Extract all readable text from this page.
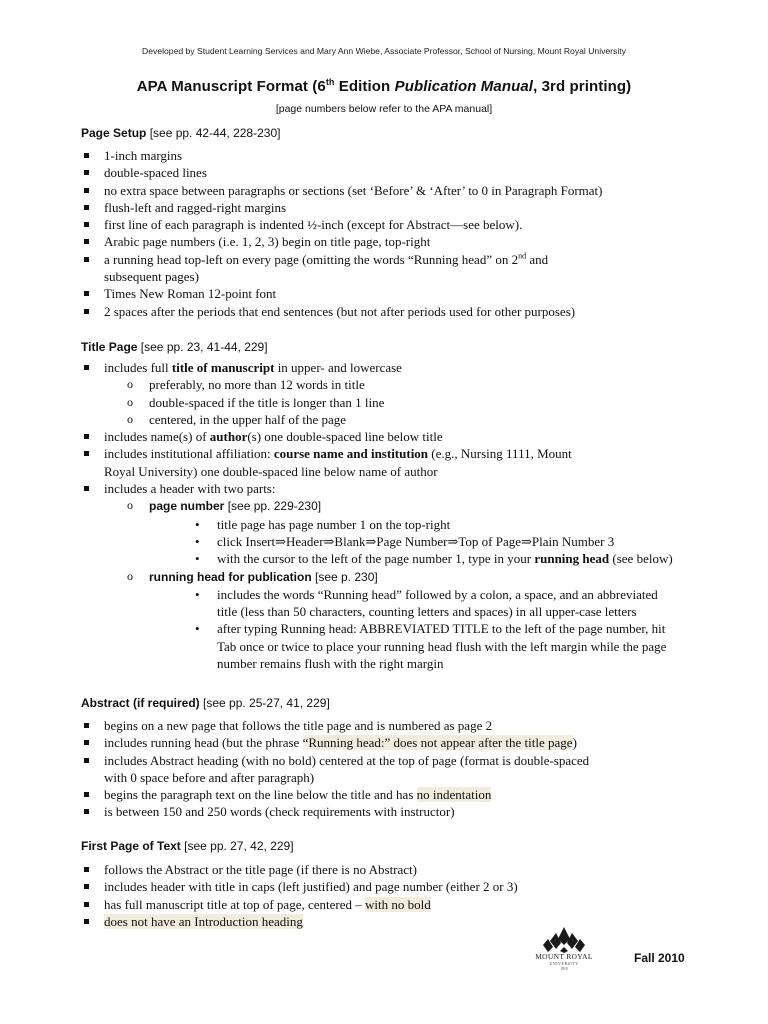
Developed by Student Learning Services and Mary Ann Wiebe, Associate Professor, School of Nursing, Mount Royal University
APA Manuscript Format (6th Edition Publication Manual, 3rd printing)
[page numbers below refer to the APA manual]
Page Setup [see pp. 42-44, 228-230]
1-inch margins
double-spaced lines
no extra space between paragraphs or sections (set ‘Before’ & ‘After’ to 0 in Paragraph Format)
flush-left and ragged-right margins
first line of each paragraph is indented ½-inch (except for Abstract—see below).
Arabic page numbers (i.e. 1, 2, 3) begin on title page, top-right
a running head top-left on every page (omitting the words “Running head” on 2nd and
subsequent pages)
Times New Roman 12-point font
2 spaces after the periods that end sentences (but not after periods used for other purposes)
Title Page [see pp. 23, 41-44, 229]
includes full title of manuscript in upper- and lowercase
o preferably, no more than 12 words in title
o double-spaced if the title is longer than 1 line
o centered, in the upper half of the page
includes name(s) of author(s) one double-spaced line below title
includes institutional affiliation: course name and institution (e.g., Nursing 1111, Mount
Royal University) one double-spaced line below name of author
includes a header with two parts:
o page number [see pp. 229-230]
• title page has page number 1 on the top-right
• click Insert⇒Header⇒Blank⇒Page Number⇒Top of Page⇒Plain Number 3
• with the cursor to the left of the page number 1, type in your running head (see below)
o running head for publication [see p. 230]
• includes the words “Running head” followed by a colon, a space, and an abbreviated
title (less than 50 characters, counting letters and spaces) in all upper-case letters
• after typing Running head: ABBREVIATED TITLE to the left of the page number, hit
Tab once or twice to place your running head flush with the left margin while the page
number remains flush with the right margin
Abstract (if required) [see pp. 25-27, 41, 229]
begins on a new page that follows the title page and is numbered as page 2
includes running head (but the phrase “Running head:” does not appear after the title page)
includes Abstract heading (with no bold) centered at the top of page (format is double-spaced
with 0 space before and after paragraph)
begins the paragraph text on the line below the title and has no indentation
is between 150 and 250 words (check requirements with instructor)
First Page of Text [see pp. 27, 42, 229]
follows the Abstract or the title page (if there is no Abstract)
includes header with title in caps (left justified) and page number (either 2 or 3)
has full manuscript title at top of page, centered – with no bold
does not have an Introduction heading
MOUNT ROYAL
UNIVERSITY
1910
Fall 2010
